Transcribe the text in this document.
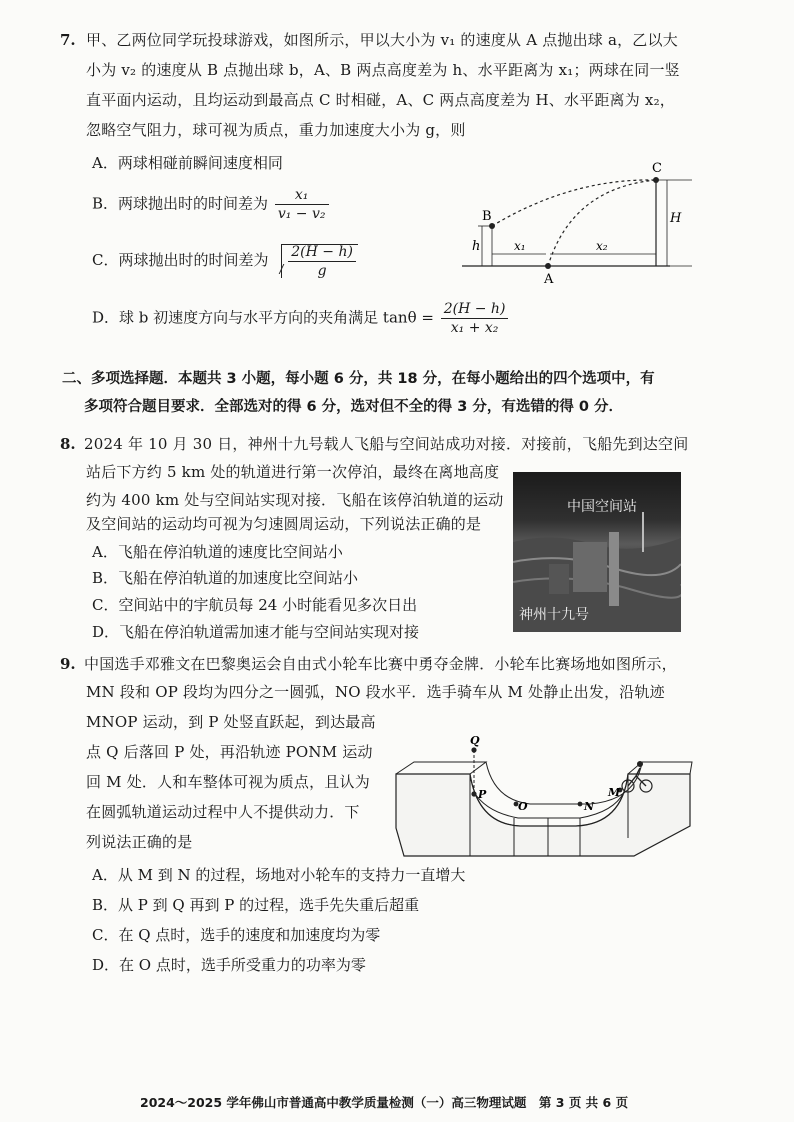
7. 甲、乙两位同学玩投球游戏，如图所示，甲以大小为 v₁ 的速度从 A 点抛出球 a，乙以大
小为 v₂ 的速度从 B 点抛出球 b，A、B 两点高度差为 h、水平距离为 x₁；两球在同一竖
直平面内运动，且均运动到最高点 C 时相碰，A、C 两点高度差为 H、水平距离为 x₂，
忽略空气阻力，球可视为质点，重力加速度大小为 g，则
A．两球相碰前瞬间速度相同
B．两球抛出时的时间差为 $\frac{\text{x₁}}{\text{v₁ − v₂}}$
C．两球抛出时的时间差为 $\frac{2(H - h)}{g}$
D．球 b 初速度方向与水平方向的夹角满足 $\tan\theta = \frac{2(H - h)}{\text{x₁ + x₂}}$
C
B
A
H
h	x₁	x₂
二、多项选择题．本题共 3 小题，每小题 6 分，共 18 分，在每小题给出的四个选项中，有
多项符合题目要求．全部选对的得 6 分，选对但不全的得 3 分，有选错的得 0 分．
8. 2024 年 10 月 30 日，神州十九号载人飞船与空间站成功对接．对接前，飞船先到达空间
站后下方约 5 km 处的轨道进行第一次停泊，最终在离地高度
约为 400 km 处与空间站实现对接．飞船在该停泊轨道的运动
及空间站的运动均可视为匀速圆周运动，下列说法正确的是
A．飞船在停泊轨道的速度比空间站小
B．飞船在停泊轨道的加速度比空间站小
C．空间站中的宇航员每 24 小时能看见多次日出
D．飞船在停泊轨道需加速才能与空间站实现对接
中国空间站
神州十九号
9. 中国选手邓雅文在巴黎奥运会自由式小轮车比赛中勇夺金牌．小轮车比赛场地如图所示，
MN 段和 OP 段均为四分之一圆弧，NO 段水平．选手骑车从 M 处静止出发，沿轨迹
MNOP 运动，到 P 处竖直跃起，到达最高
点 Q 后落回 P 处，再沿轨迹 PONM 运动
回 M 处．人和车整体可视为质点，且认为
在圆弧轨道运动过程中人不提供动力．下
列说法正确的是
A．从 M 到 N 的过程，场地对小轮车的支持力一直增大
B．从 P 到 Q 再到 P 的过程，选手先失重后超重
C．在 Q 点时，选手的速度和加速度均为零
D．在 O 点时，选手所受重力的功率为零
Q
P
O	N
M
2024～2025 学年佛山市普通高中教学质量检测（一）高三物理试题　第 3 页 共 6 页
